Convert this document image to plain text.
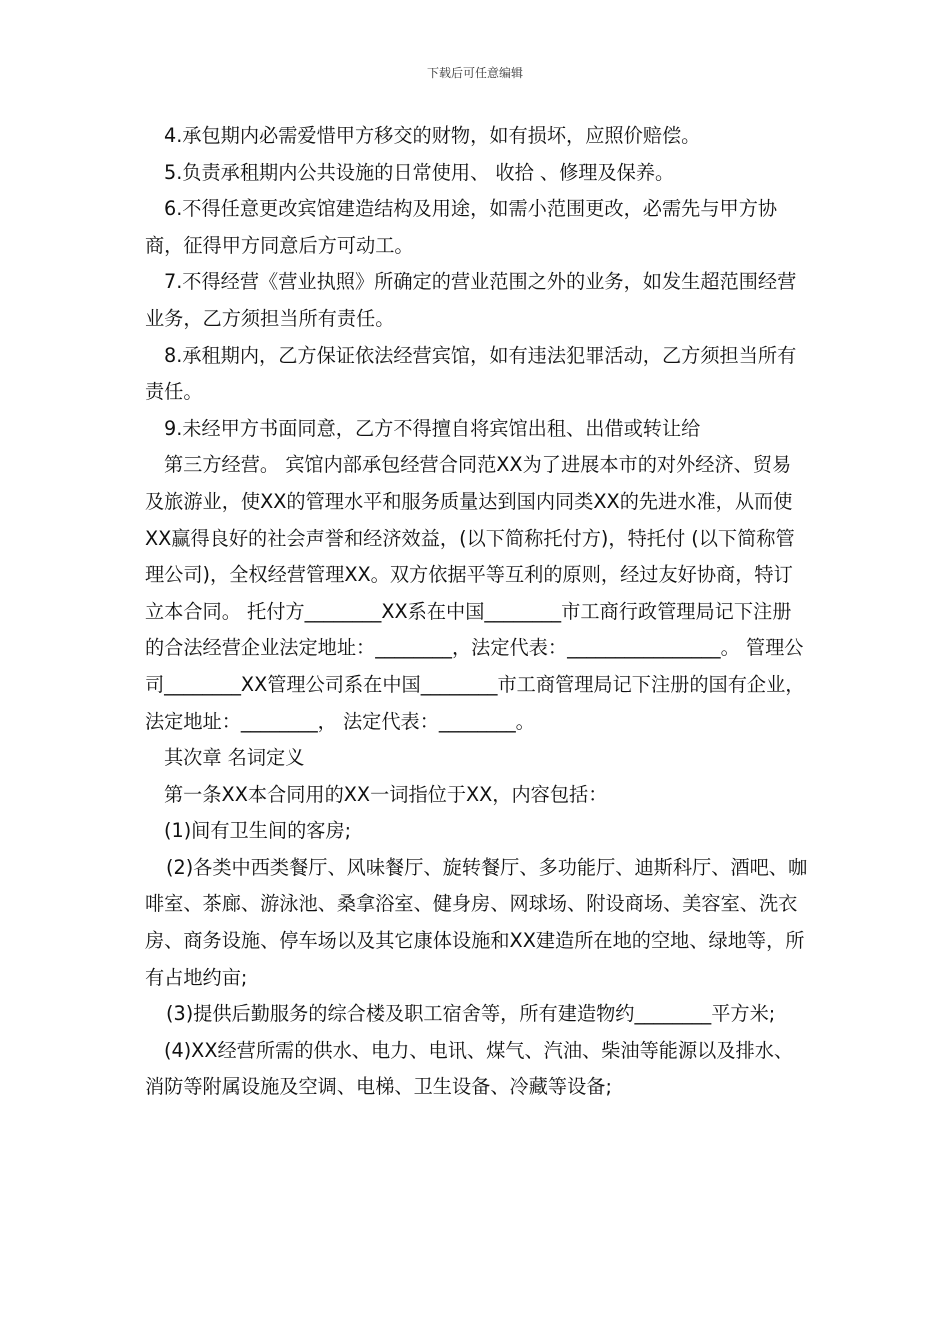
下载后可任意编辑

4.承包期内必需爱惜甲方移交的财物，如有损坏，应照价赔偿。

5.负责承租期内公共设施的日常使用、 收拾 、修理及保养。

6.不得任意更改宾馆建造结构及用途，如需小范围更改，必需先与甲方协商，征得甲方同意后方可动工。

7.不得经营《营业执照》所确定的营业范围之外的业务，如发生超范围经营业务，乙方须担当所有责任。

8.承租期内，乙方保证依法经营宾馆，如有违法犯罪活动，乙方须担当所有责任。

9.未经甲方书面同意，乙方不得擅自将宾馆出租、出借或转让给

第三方经营。 宾馆内部承包经营合同范XX为了进展本市的对外经济、贸易及旅游业，使XX的管理水平和服务质量达到国内同类XX的先进水准，从而使XX赢得良好的社会声誉和经济效益，(以下简称托付方)，特托付 (以下简称管理公司)，全权经营管理XX。双方依据平等互利的原则，经过友好协商，特订立本合同。 托付方________XX系在中国________市工商行政管理局记下注册的合法经营企业法定地址：________，法定代表：________________。 管理公司________XX管理公司系在中国________市工商管理局记下注册的国有企业，法定地址：________， 法定代表：________。

其次章 名词定义

第一条XX本合同用的XX一词指位于XX，内容包括：

(1)间有卫生间的客房;

(2)各类中西类餐厅、风味餐厅、旋转餐厅、多功能厅、迪斯科厅、酒吧、咖啡室、茶廊、游泳池、桑拿浴室、健身房、网球场、附设商场、美容室、洗衣房、商务设施、停车场以及其它康体设施和XX建造所在地的空地、绿地等，所有占地约亩;

(3)提供后勤服务的综合楼及职工宿舍等，所有建造物约________平方米;

(4)XX经营所需的供水、电力、电讯、煤气、汽油、柴油等能源以及排水、消防等附属设施及空调、电梯、卫生设备、冷藏等设备;
